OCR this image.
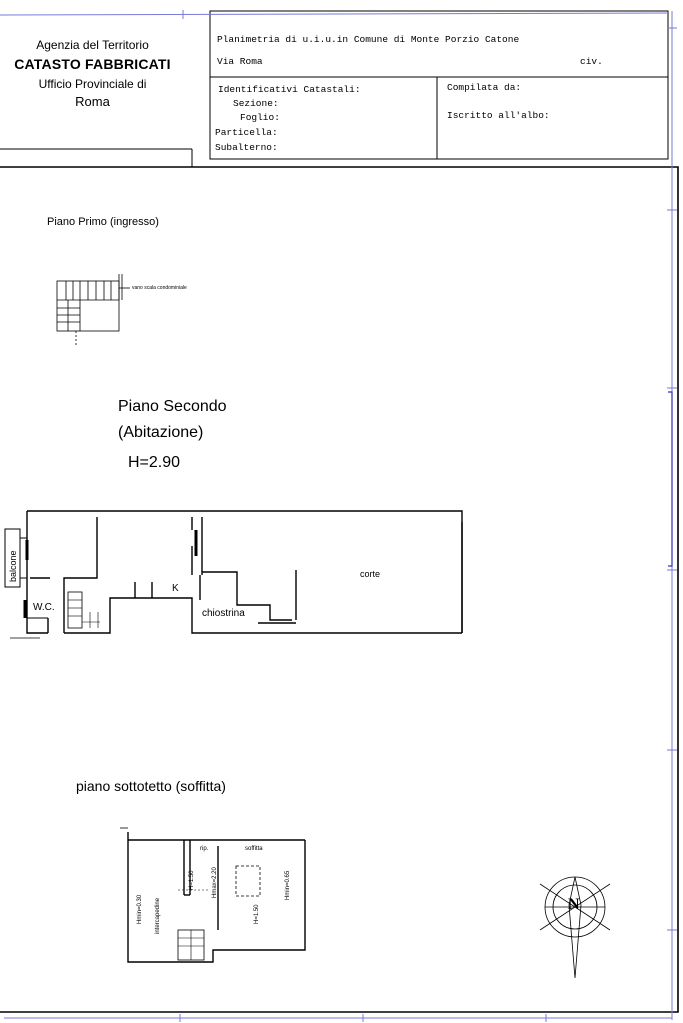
Agenzia del Territorio
CATASTO FABBRICATI
Ufficio Provinciale di
Roma
Planimetria di u.i.u.in Comune di Monte Porzio Catone
Via Roma	civ.
Identificativi Catastali:
Sezione:
Foglio:
Particella:
Subalterno:
Compilata da:
Iscritto all'albo:
Piano Primo (ingresso)
vano scala condominiale
Piano Secondo
(Abitazione)
H=2.90
balcone
W.C.
K
chiostrina
corte
piano sottotetto (soffitta)
Hmin=0.30 intercapedine
H=1.50
rip.
Hmax=2.20
soffitta
H=1.50
Hmin=0.65
N
